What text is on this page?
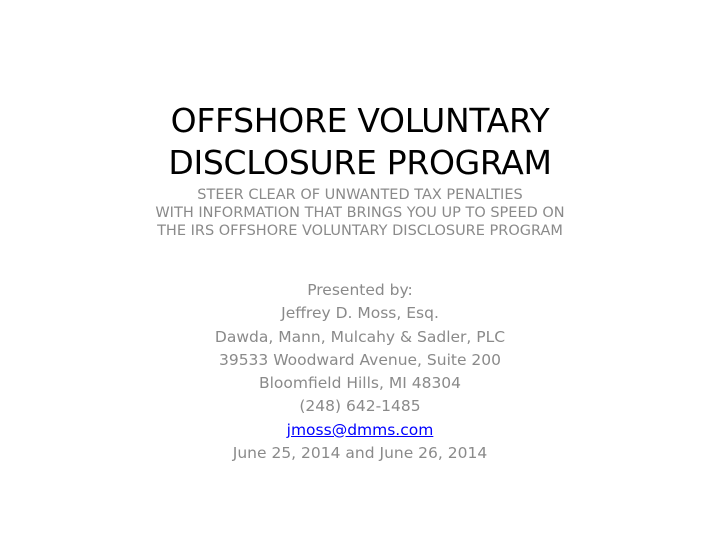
OFFSHORE VOLUNTARY
DISCLOSURE PROGRAM
STEER CLEAR OF UNWANTED TAX PENALTIES
WITH INFORMATION THAT BRINGS YOU UP TO SPEED ON
THE IRS OFFSHORE VOLUNTARY DISCLOSURE PROGRAM
Presented by:
Jeffrey D. Moss, Esq.
Dawda, Mann, Mulcahy & Sadler, PLC
39533 Woodward Avenue, Suite 200
Bloomfield Hills, MI 48304
(248) 642-1485
jmoss@dmms.com
June 25, 2014 and June 26, 2014
